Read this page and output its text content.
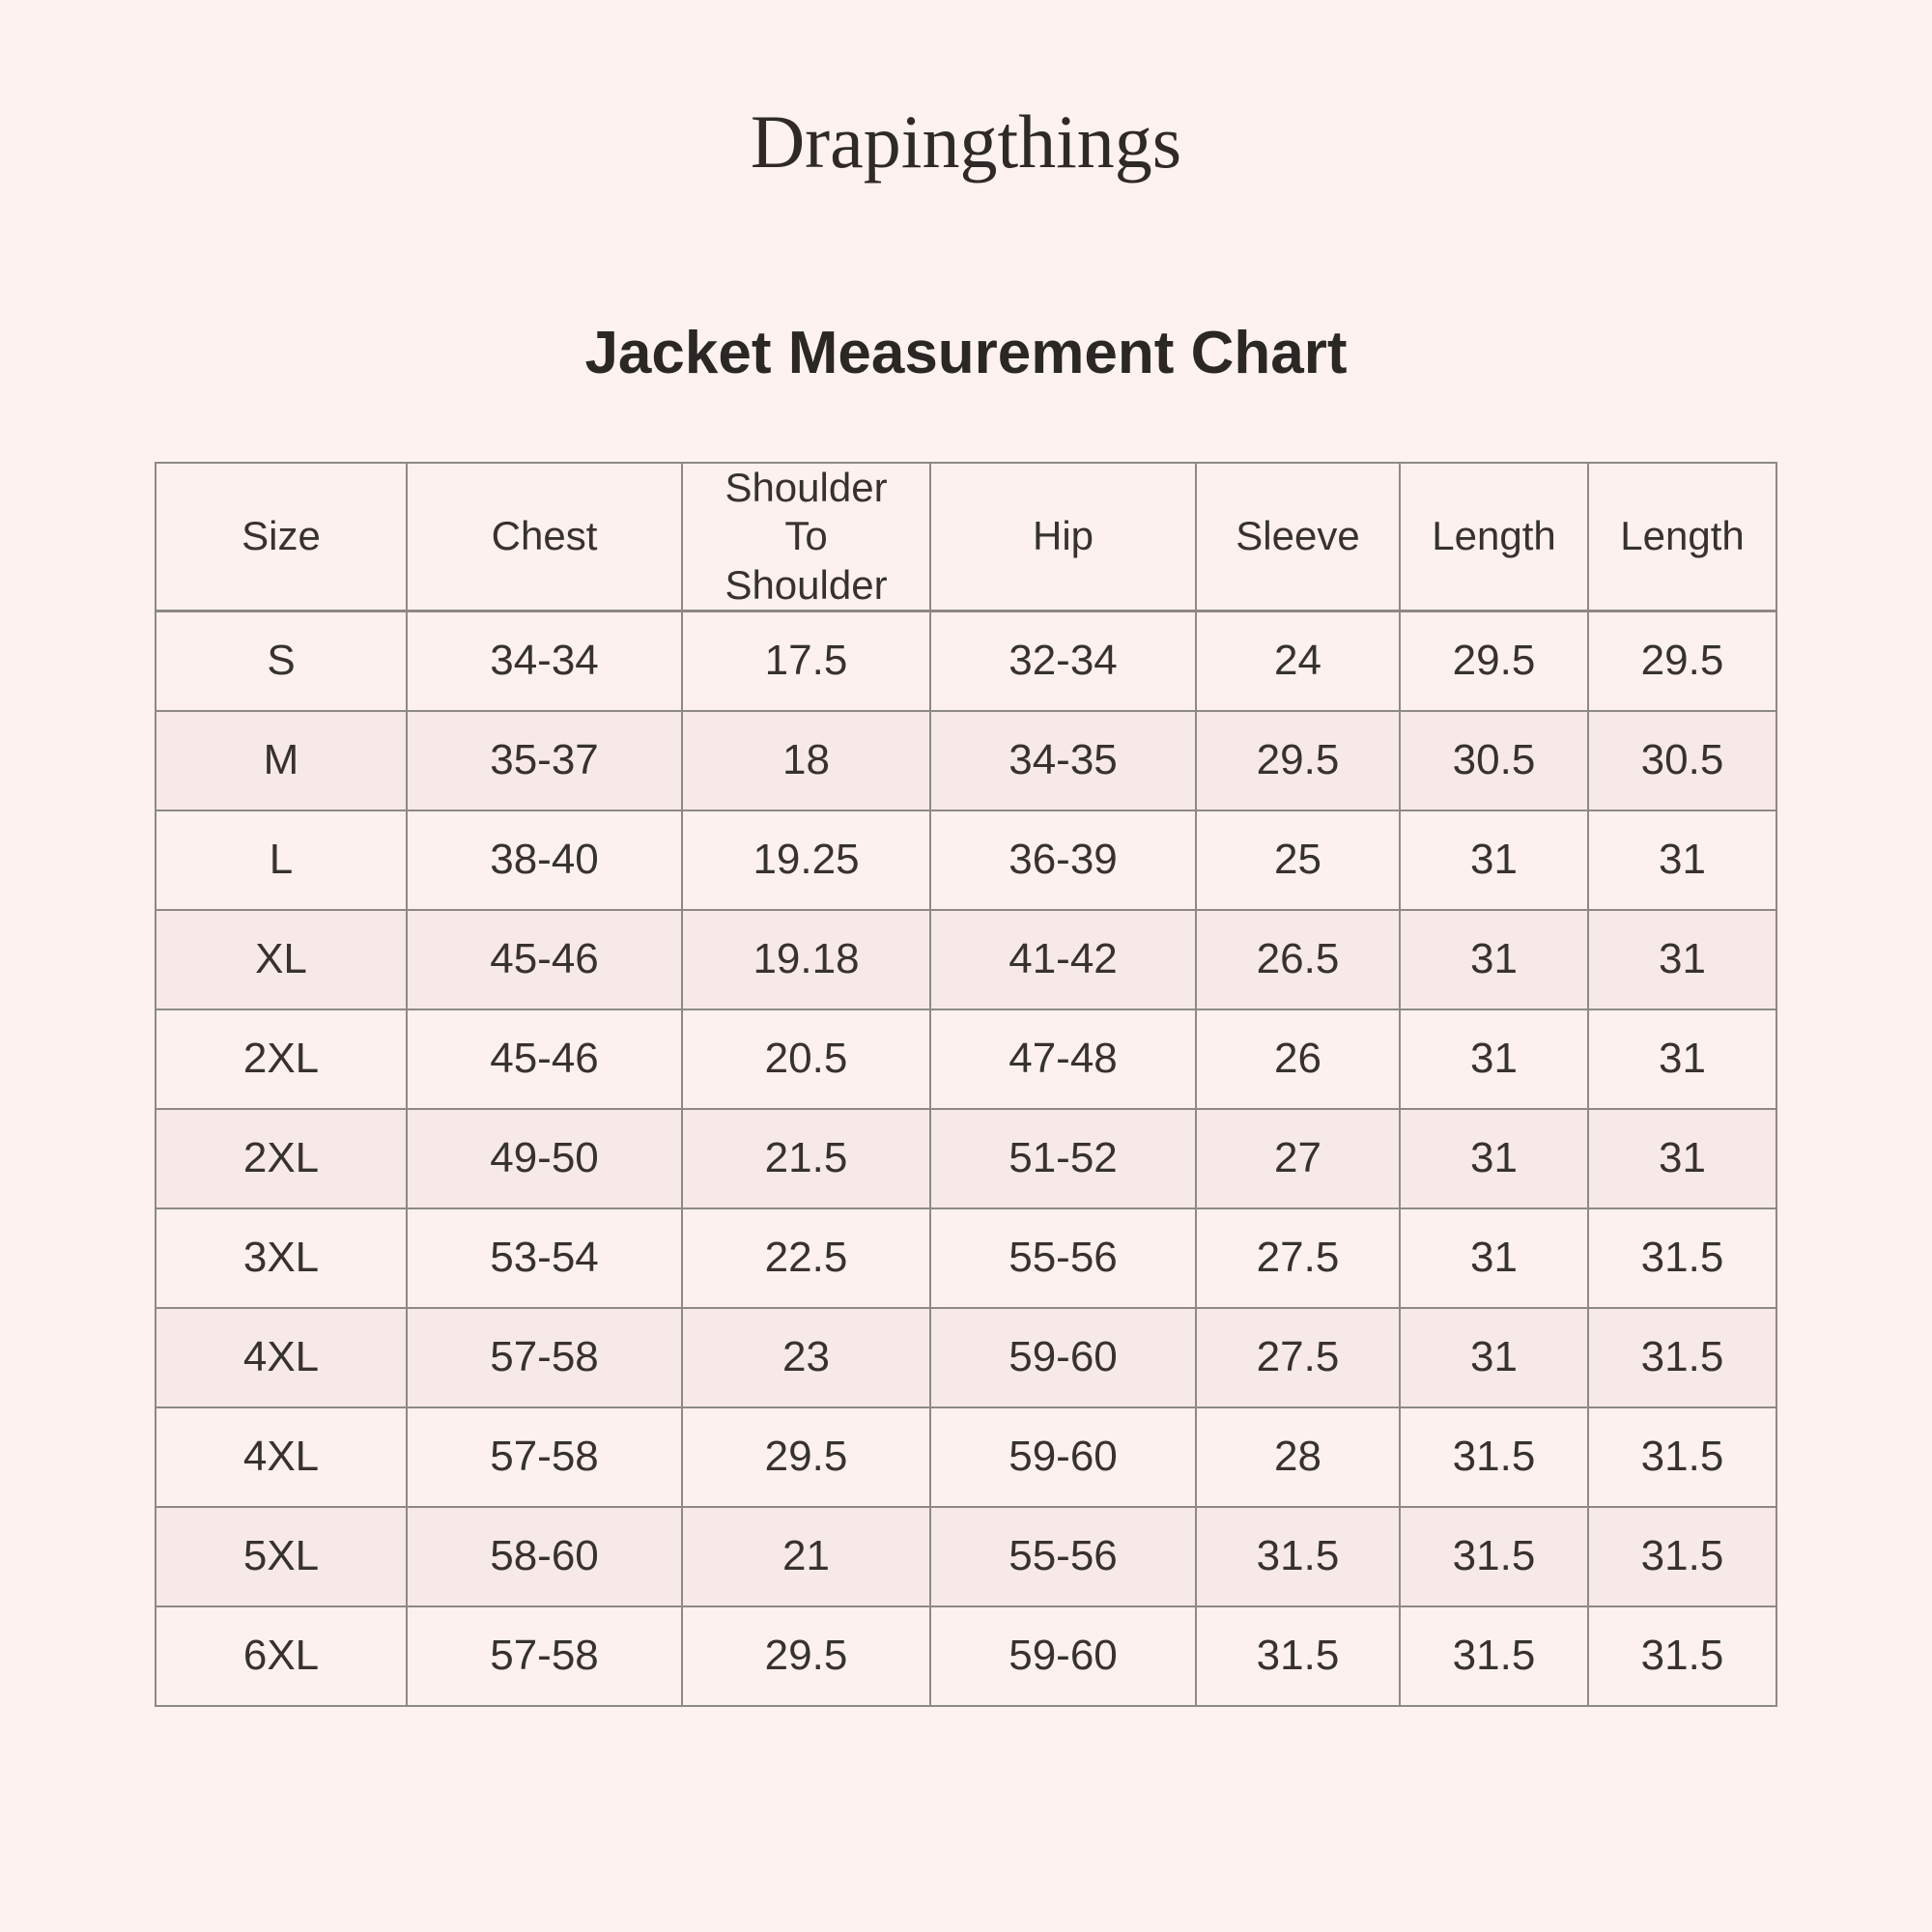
Drapingthings
Jacket Measurement Chart
Size	Chest	Shoulder To Shoulder	Hip	Sleeve	Length	Length
S	34-34	17.5	32-34	24	29.5	29.5
M	35-37	18	34-35	29.5	30.5	30.5
L	38-40	19.25	36-39	25	31	31
XL	45-46	19.18	41-42	26.5	31	31
2XL	45-46	20.5	47-48	26	31	31
2XL	49-50	21.5	51-52	27	31	31
3XL	53-54	22.5	55-56	27.5	31	31.5
4XL	57-58	23	59-60	27.5	31	31.5
4XL	57-58	29.5	59-60	28	31.5	31.5
5XL	58-60	21	55-56	31.5	31.5	31.5
6XL	57-58	29.5	59-60	31.5	31.5	31.5
